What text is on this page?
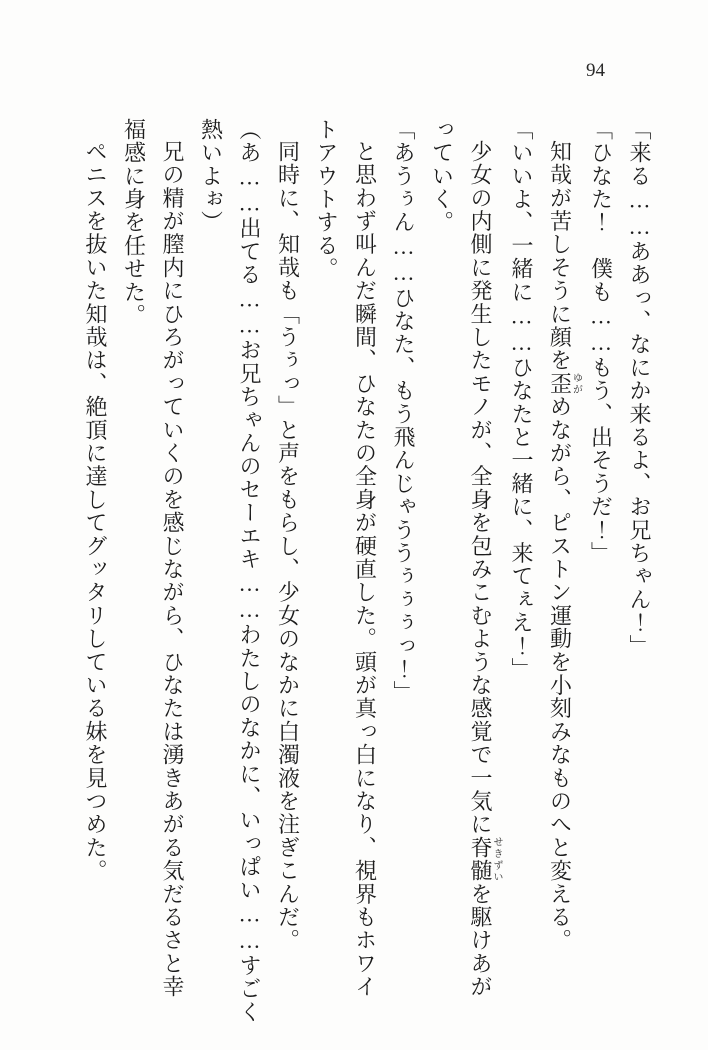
94
「来る……ああっ、なにか来るよ、お兄ちゃん！」
「ひなた！　僕も……もう、出そうだ！」
知哉が苦しそうに顔を歪ゆがめながら、ピストン運動を小刻みなものへと変える。
「いいよ、一緒に……ひなたと一緒に、来てぇえ！」
少女の内側に発生したモノが、全身を包みこむような感覚で一気に脊髄せきずいを駆けあが
っていく。
「あうぅん……ひなた、もう飛んじゃううぅぅぅっ！」
と思わず叫んだ瞬間、ひなたの全身が硬直した。頭が真っ白になり、視界もホワイ
トアウトする。
同時に、知哉も「うぅっ」と声をもらし、少女のなかに白濁液を注ぎこんだ。
（あ……出てる……お兄ちゃんのセーエキ……わたしのなかに、いっぱい……すごく
熱いよぉ）
兄の精が膣内にひろがっていくのを感じながら、ひなたは湧きあがる気だるさと幸
福感に身を任せた。
ペニスを抜いた知哉は、絶頂に達してグッタリしている妹を見つめた。
